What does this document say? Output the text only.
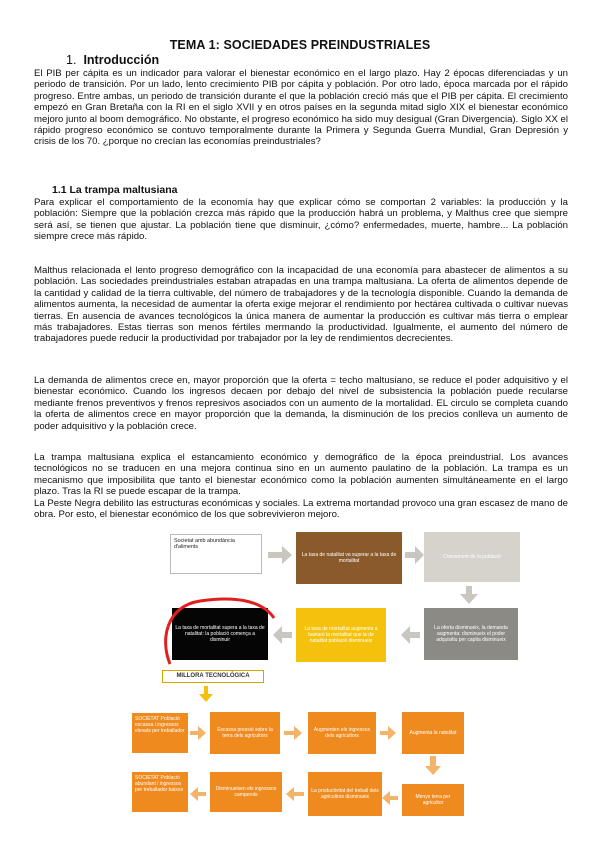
TEMA 1: SOCIEDADES PREINDUSTRIALES
1. Introducción

El PIB per cápita es un indicador para valorar el bienestar económico en el largo plazo. Hay 2 épocas diferenciadas y un periodo de transición. Por un lado, lento crecimiento PIB por cápita y población. Por otro lado, época marcada por el rápido progreso. Entre ambas, un periodo de transición durante el que la población creció más que el PIB per cápita. El crecimiento empezó en Gran Bretaña con la RI en el siglo XVII y en otros países en la segunda mitad siglo XIX el bienestar económico mejoro junto al boom demográfico. No obstante, el progreso económico ha sido muy desigual (Gran Divergencia). Siglo XX el rápido progreso económico se contuvo temporalmente durante la Primera y Segunda Guerra Mundial, Gran Depresión y crisis de los 70. ¿porque no crecían las economías preindustriales?

1.1 La trampa maltusiana

Para explicar el comportamiento de la economía hay que explicar cómo se comportan 2 variables: la producción y la población: Siempre que la población crezca más rápido que la producción habrá un problema, y Malthus cree que siempre será así, se tienen que ajustar. La población tiene que disminuir, ¿cómo? enfermedades, muerte, hambre... La población siempre crece más rápido.

Malthus relacionada el lento progreso demográfico con la incapacidad de una economía para abastecer de alimentos a su población. Las sociedades preindustriales estaban atrapadas en una trampa maltusiana. La oferta de alimentos depende de la cantidad y calidad de la tierra cultivable, del número de trabajadores y de la tecnología disponible. Cuando la demanda de alimentos aumenta, la necesidad de aumentar la oferta exige mejorar el rendimiento por hectárea cultivada o cultivar nuevas tierras. En ausencia de avances tecnológicos la única manera de aumentar la producción es cultivar más tierra o emplear más trabajadores. Estas tierras son menos fértiles mermando la productividad. Igualmente, el aumento del número de trabajadores puede reducir la productividad por trabajador por la ley de rendimientos decrecientes.

La demanda de alimentos crece en, mayor proporción que la oferta = techo maltusiano, se reduce el poder adquisitivo y el bienestar económico. Cuando los ingresos decaen por debajo del nivel de subsistencia la población puede recularse mediante frenos preventivos y frenos represivos asociados con un aumento de la mortalidad. EL circulo se completa cuando la oferta de alimentos crece en mayor proporción que la demanda, la disminución de los precios conlleva un aumento de poder adquisitivo y la población crece.

La trampa maltusiana explica el estancamiento económico y demográfico de la época preindustrial. Los avances tecnológicos no se traducen en una mejora continua sino en un aumento paulatino de la población. La trampa es un mecanismo que imposibilita que tanto el bienestar económico como la población aumenten simultáneamente en el largo plazo. Tras la RI se puede escapar de la trampa.

La Peste Negra debilito las estructuras económicas y sociales. La extrema mortandad provoco una gran escasez de mano de obra. Por esto, el bienestar económico de los que sobrevivieron mejoro.

Societat amb abundància d'aliments
La taxa de natalitat va superar a la taxa de mortalitat
Creixement de la població
La taxa de mortalitat supera a la taxa de natalitat: la població comença a disminuir
La taxa de mortalitat augmenta a bastant la mortalitat que la de natalitat població disminueix
La oferta disminueix, la demanda augmenta: disminueix el poder adquisitiu per capita disminueix
MILLORA TECNOLÒGICA
SOCIETAT Població escassa i ingressos elevats per treballador	Escassa pressió sobre la terra dels agricultors
Augmenten els ingressos dels agricultors	Augmenta la natalitat
SOCIETAT Població abundant i ingressos per treballador baixos	Disminueixen els ingressos camperols
La productivitat del treball dels agricultors disminueix	Menys terra per agricultor
